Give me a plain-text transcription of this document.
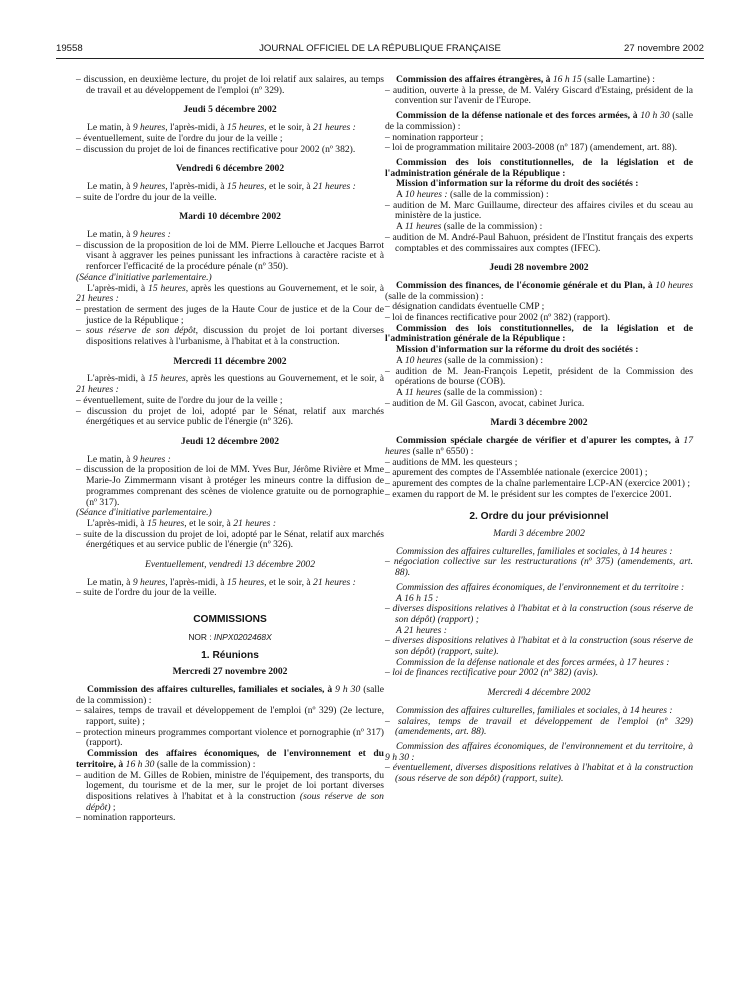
19558	JOURNAL OFFICIEL DE LA RÉPUBLIQUE FRANÇAISE	27 novembre 2002

– discussion, en deuxième lecture, du projet de loi relatif aux salaires, au temps de travail et au développement de l'emploi (nº 329).

Jeudi 5 décembre 2002

Le matin, à 9 heures, l'après-midi, à 15 heures, et le soir, à 21 heures :

– éventuellement, suite de l'ordre du jour de la veille ;

– discussion du projet de loi de finances rectificative pour 2002 (nº 382).

Vendredi 6 décembre 2002

Le matin, à 9 heures, l'après-midi, à 15 heures, et le soir, à 21 heures :

– suite de l'ordre du jour de la veille.

Mardi 10 décembre 2002

Le matin, à 9 heures :

– discussion de la proposition de loi de MM. Pierre Lellouche et Jacques Barrot visant à aggraver les peines punissant les infractions à caractère raciste et à renforcer l'efficacité de la procédure pénale (nº 350).

(Séance d'initiative parlementaire.)

L'après-midi, à 15 heures, après les questions au Gouvernement, et le soir, à 21 heures :

– prestation de serment des juges de la Haute Cour de justice et de la Cour de justice de la République ;

– sous réserve de son dépôt, discussion du projet de loi portant diverses dispositions relatives à l'urbanisme, à l'habitat et à la construction.

Mercredi 11 décembre 2002

L'après-midi, à 15 heures, après les questions au Gouvernement, et le soir, à 21 heures :

– éventuellement, suite de l'ordre du jour de la veille ;

– discussion du projet de loi, adopté par le Sénat, relatif aux marchés énergétiques et au service public de l'énergie (nº 326).

Jeudi 12 décembre 2002

Le matin, à 9 heures :

– discussion de la proposition de loi de MM. Yves Bur, Jérôme Rivière et Mme Marie-Jo Zimmermann visant à protéger les mineurs contre la diffusion de programmes comprenant des scènes de violence gratuite ou de pornographie (nº 317).

(Séance d'initiative parlementaire.)

L'après-midi, à 15 heures, et le soir, à 21 heures :

– suite de la discussion du projet de loi, adopté par le Sénat, relatif aux marchés énergétiques et au service public de l'énergie (nº 326).

Eventuellement, vendredi 13 décembre 2002

Le matin, à 9 heures, l'après-midi, à 15 heures, et le soir, à 21 heures :

– suite de l'ordre du jour de la veille.

COMMISSIONS

NOR : INPX0202468X

1. Réunions

Mercredi 27 novembre 2002

Commission des affaires culturelles, familiales et sociales, à 9 h 30 (salle de la commission) :

– salaires, temps de travail et développement de l'emploi (nº 329) (2e lecture, rapport, suite) ;

– protection mineurs programmes comportant violence et pornographie (nº 317) (rapport).

Commission des affaires économiques, de l'environnement et du territoire, à 16 h 30 (salle de la commission) :

– audition de M. Gilles de Robien, ministre de l'équipement, des transports, du logement, du tourisme et de la mer, sur le projet de loi portant diverses dispositions relatives à l'habitat et à la construction (sous réserve de son dépôt) ;

– nomination rapporteurs.

Commission des affaires étrangères, à 16 h 15 (salle Lamartine) :

– audition, ouverte à la presse, de M. Valéry Giscard d'Estaing, président de la convention sur l'avenir de l'Europe.

Commission de la défense nationale et des forces armées, à 10 h 30 (salle de la commission) :

– nomination rapporteur ;

– loi de programmation militaire 2003-2008 (nº 187) (amendement, art. 88).

Commission des lois constitutionnelles, de la législation et de l'administration générale de la République :

Mission d'information sur la réforme du droit des sociétés :

A 10 heures : (salle de la commission) :

– audition de M. Marc Guillaume, directeur des affaires civiles et du sceau au ministère de la justice.

A 11 heures (salle de la commission) :

– audition de M. André-Paul Bahuon, président de l'Institut français des experts comptables et des commissaires aux comptes (IFEC).

Jeudi 28 novembre 2002

Commission des finances, de l'économie générale et du Plan, à 10 heures (salle de la commission) :

– désignation candidats éventuelle CMP ;

– loi de finances rectificative pour 2002 (nº 382) (rapport).

Commission des lois constitutionnelles, de la législation et de l'administration générale de la République :

Mission d'information sur la réforme du droit des sociétés :

A 10 heures (salle de la commission) :

– audition de M. Jean-François Lepetit, président de la Commission des opérations de bourse (COB).

A 11 heures (salle de la commission) :

– audition de M. Gil Gascon, avocat, cabinet Jurica.

Mardi 3 décembre 2002

Commission spéciale chargée de vérifier et d'apurer les comptes, à 17 heures (salle nº 6550) :

– auditions de MM. les questeurs ;

– apurement des comptes de l'Assemblée nationale (exercice 2001) ;

– apurement des comptes de la chaîne parlementaire LCP-AN (exercice 2001) ;

– examen du rapport de M. le président sur les comptes de l'exercice 2001.

2. Ordre du jour prévisionnel

Mardi 3 décembre 2002

Commission des affaires culturelles, familiales et sociales, à 14 heures :

– négociation collective sur les restructurations (nº 375) (amendements, art. 88).

Commission des affaires économiques, de l'environnement et du territoire :

A 16 h 15 :

– diverses dispositions relatives à l'habitat et à la construction (sous réserve de son dépôt) (rapport) ;

A 21 heures :

– diverses dispositions relatives à l'habitat et à la construction (sous réserve de son dépôt) (rapport, suite).

Commission de la défense nationale et des forces armées, à 17 heures :

– loi de finances rectificative pour 2002 (nº 382) (avis).

Mercredi 4 décembre 2002

Commission des affaires culturelles, familiales et sociales, à 14 heures :

– salaires, temps de travail et développement de l'emploi (nº 329) (amendements, art. 88).

Commission des affaires économiques, de l'environnement et du territoire, à 9 h 30 :

– éventuellement, diverses dispositions relatives à l'habitat et à la construction (sous réserve de son dépôt) (rapport, suite).
